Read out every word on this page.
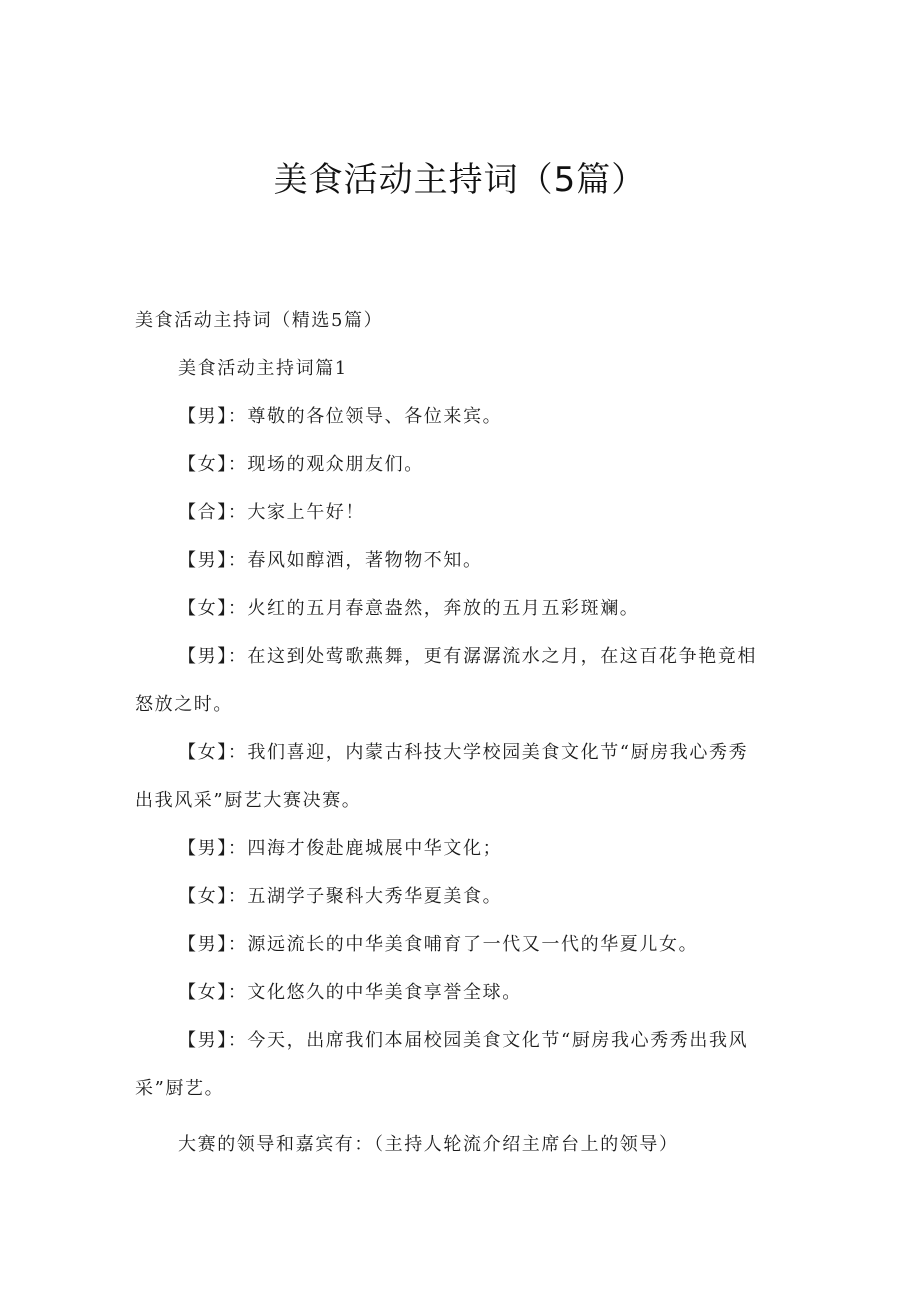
美食活动主持词（5篇）

美食活动主持词（精选5篇）

美食活动主持词篇1

【男】：尊敬的各位领导、各位来宾。

【女】：现场的观众朋友们。

【合】：大家上午好！

【男】：春风如醇酒，著物物不知。

【女】：火红的五月春意盎然，奔放的五月五彩斑斓。

【男】：在这到处莺歌燕舞，更有潺潺流水之月，在这百花争艳竟相

怒放之时。

【女】：我们喜迎，内蒙古科技大学校园美食文化节“厨房我心秀秀

出我风采”厨艺大赛决赛。

【男】：四海才俊赴鹿城展中华文化；

【女】：五湖学子聚科大秀华夏美食。

【男】：源远流长的中华美食哺育了一代又一代的华夏儿女。

【女】：文化悠久的中华美食享誉全球。

【男】：今天，出席我们本届校园美食文化节“厨房我心秀秀出我风

采”厨艺。

大赛的领导和嘉宾有：（主持人轮流介绍主席台上的领导）
